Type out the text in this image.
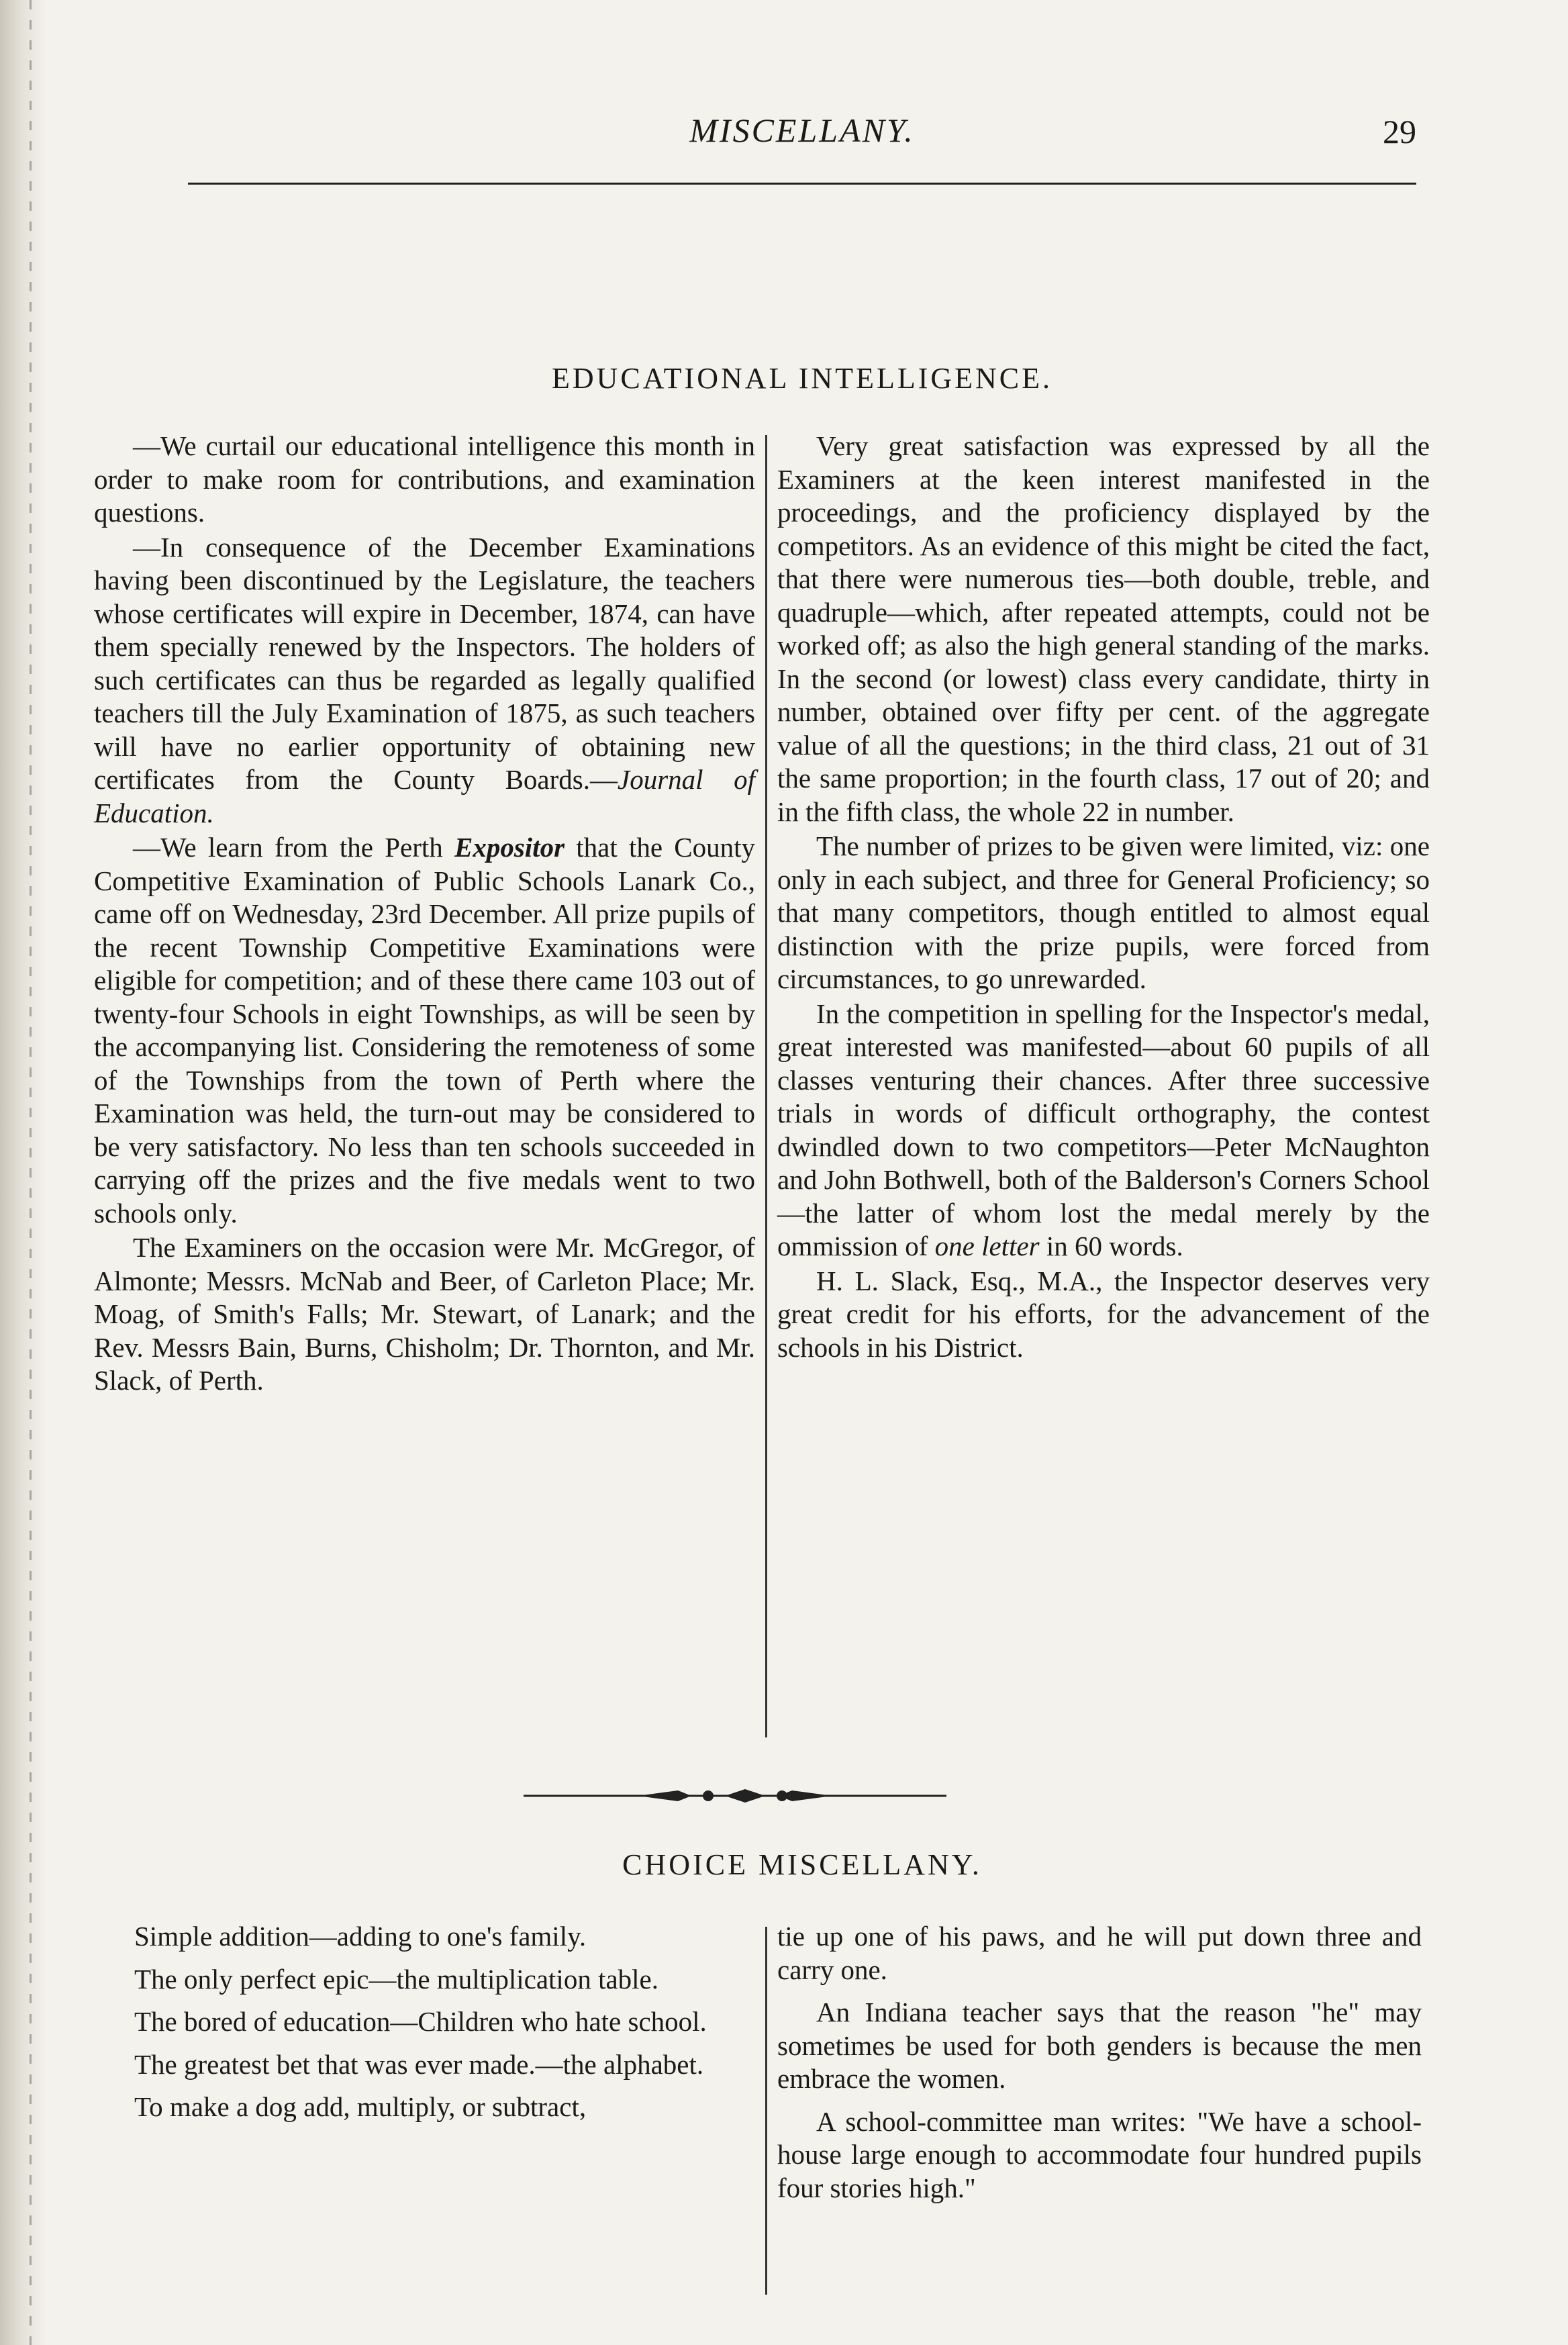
MISCELLANY.	29
EDUCATIONAL INTELLIGENCE.

—We curtail our educational intelligence this month in order to make room for contributions, and examination questions.

—In consequence of the December Examinations having been discontinued by the Legislature, the teachers whose certificates will expire in December, 1874, can have them specially renewed by the Inspectors. The holders of such certificates can thus be regarded as legally qualified teachers till the July Examination of 1875, as such teachers will have no earlier opportunity of obtaining new certificates from the County Boards.—Journal of Education.

—We learn from the Perth Expositor that the County Competitive Examination of Public Schools Lanark Co., came off on Wednesday, 23rd December. All prize pupils of the recent Township Competitive Examinations were eligible for competition; and of these there came 103 out of twenty-four Schools in eight Townships, as will be seen by the accompanying list. Considering the remoteness of some of the Townships from the town of Perth where the Examination was held, the turn-out may be considered to be very satisfactory. No less than ten schools succeeded in carrying off the prizes and the five medals went to two schools only.

The Examiners on the occasion were Mr. McGregor, of Almonte; Messrs. McNab and Beer, of Carleton Place; Mr. Moag, of Smith's Falls; Mr. Stewart, of Lanark; and the Rev. Messrs Bain, Burns, Chisholm; Dr. Thornton, and Mr. Slack, of Perth.

Very great satisfaction was expressed by all the Examiners at the keen interest manifested in the proceedings, and the proficiency displayed by the competitors. As an evidence of this might be cited the fact, that there were numerous ties—both double, treble, and quadruple—which, after repeated attempts, could not be worked off; as also the high general standing of the marks. In the second (or lowest) class every candidate, thirty in number, obtained over fifty per cent. of the aggregate value of all the questions; in the third class, 21 out of 31 the same proportion; in the fourth class, 17 out of 20; and in the fifth class, the whole 22 in number.

The number of prizes to be given were limited, viz: one only in each subject, and three for General Proficiency; so that many competitors, though entitled to almost equal distinction with the prize pupils, were forced from circumstances, to go unrewarded.

In the competition in spelling for the Inspector's medal, great interested was manifested—about 60 pupils of all classes venturing their chances. After three successive trials in words of difficult orthography, the contest dwindled down to two competitors—Peter McNaughton and John Bothwell, both of the Balderson's Corners School—the latter of whom lost the medal merely by the ommission of one letter in 60 words.

H. L. Slack, Esq., M.A., the Inspector deserves very great credit for his efforts, for the advancement of the schools in his District.

CHOICE MISCELLANY.

Simple addition—adding to one's family.

The only perfect epic—the multiplication table.

The bored of education—Children who hate school.

The greatest bet that was ever made.—the alphabet.

To make a dog add, multiply, or subtract,

tie up one of his paws, and he will put down three and carry one.

An Indiana teacher says that the reason "he" may sometimes be used for both genders is because the men embrace the women.

A school-committee man writes: "We have a school-house large enough to accommodate four hundred pupils four stories high."
